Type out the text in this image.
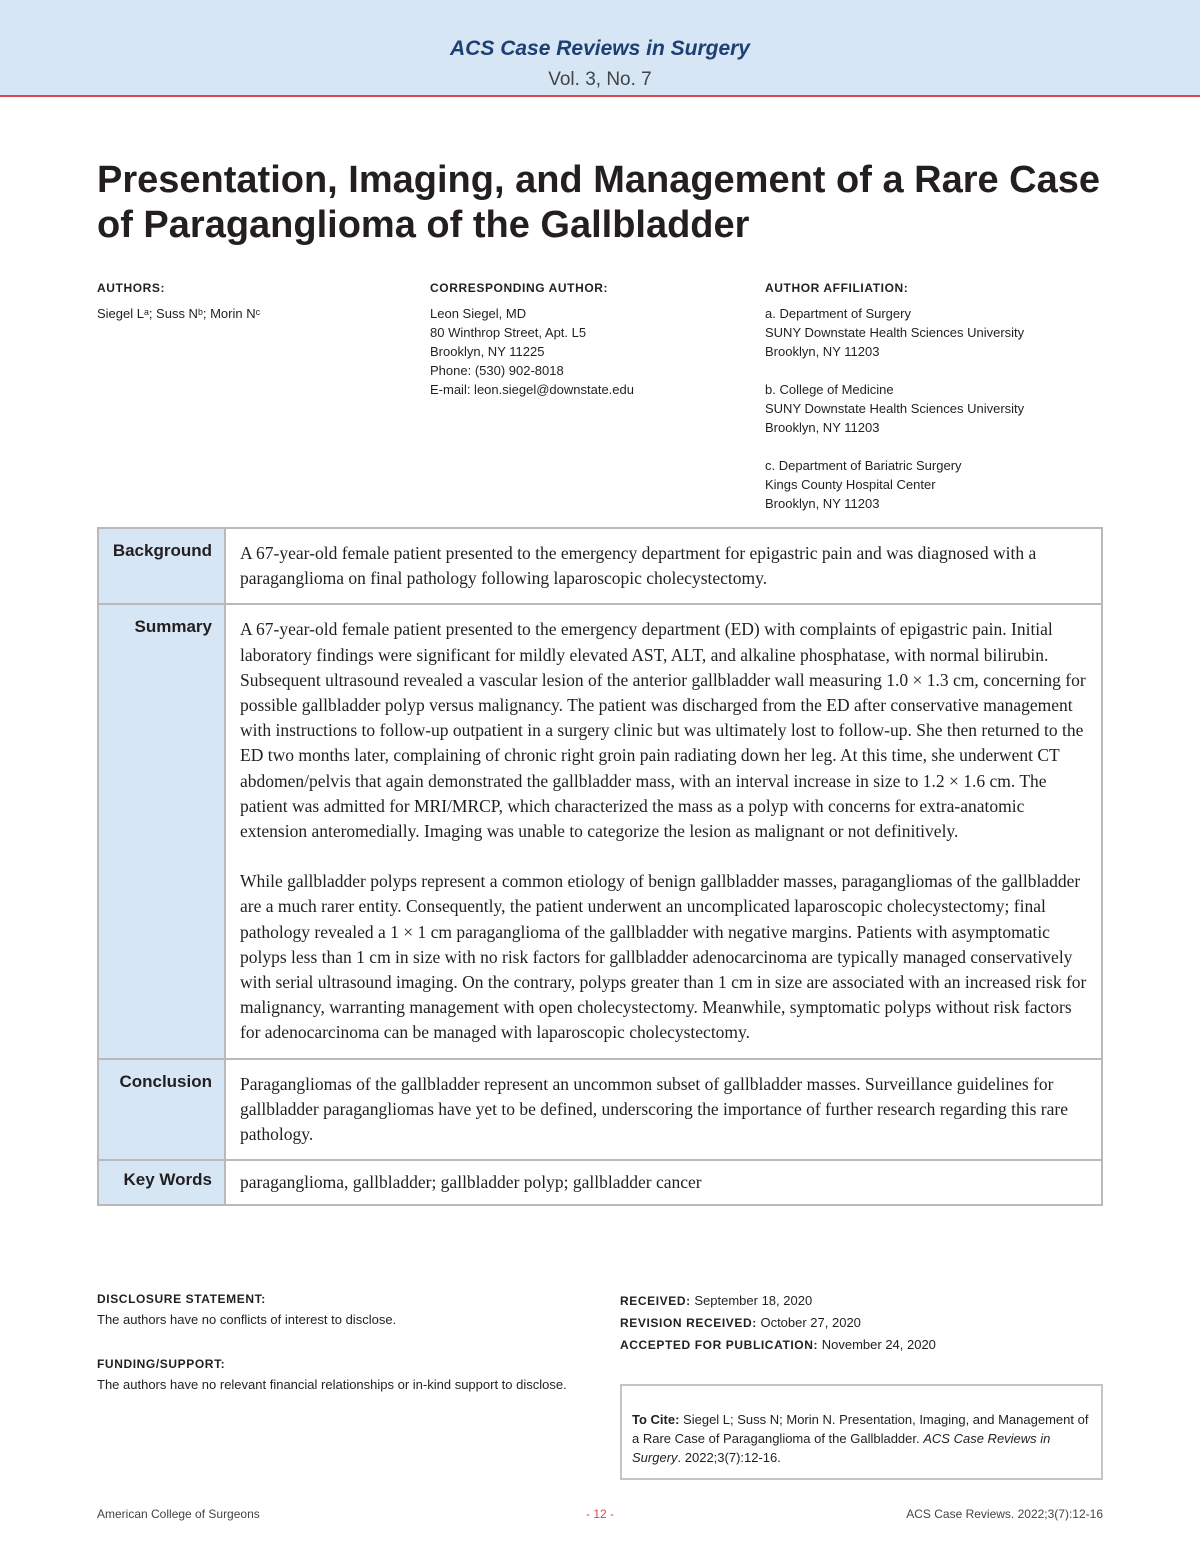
ACS Case Reviews in Surgery
Vol. 3, No. 7
Presentation, Imaging, and Management of a Rare Case of Paraganglioma of the Gallbladder
AUTHORS:
Siegel Lᵃ; Suss Nᵇ; Morin Nᶜ
CORRESPONDING AUTHOR:
Leon Siegel, MD
80 Winthrop Street, Apt. L5
Brooklyn, NY 11225
Phone: (530) 902-8018
E-mail: leon.siegel@downstate.edu
AUTHOR AFFILIATION:
a. Department of Surgery
SUNY Downstate Health Sciences University
Brooklyn, NY 11203
b. College of Medicine
SUNY Downstate Health Sciences University
Brooklyn, NY 11203
c. Department of Bariatric Surgery
Kings County Hospital Center
Brooklyn, NY 11203
Background	A 67-year-old female patient presented to the emergency department for epigastric pain and was diagnosed with a paraganglioma on final pathology following laparoscopic cholecystectomy.

Summary	A 67-year-old female patient presented to the emergency department (ED) with complaints of epigastric pain. Initial laboratory findings were significant for mildly elevated AST, ALT, and alkaline phosphatase, with normal bilirubin. Subsequent ultrasound revealed a vascular lesion of the anterior gallbladder wall measuring 1.0 × 1.3 cm, concerning for possible gallbladder polyp versus malignancy. The patient was discharged from the ED after conservative management with instructions to follow-up outpatient in a surgery clinic but was ultimately lost to follow-up. She then returned to the ED two months later, complaining of chronic right groin pain radiating down her leg. At this time, she underwent CT abdomen/pelvis that again demonstrated the gallbladder mass, with an interval increase in size to 1.2 × 1.6 cm. The patient was admitted for MRI/MRCP, which characterized the mass as a polyp with concerns for extra-anatomic extension anteromedially. Imaging was unable to categorize the lesion as malignant or not definitively.

While gallbladder polyps represent a common etiology of benign gallbladder masses, paragangliomas of the gallbladder are a much rarer entity. Consequently, the patient underwent an uncomplicated laparoscopic cholecystectomy; final pathology revealed a 1 × 1 cm paraganglioma of the gallbladder with negative margins. Patients with asymptomatic polyps less than 1 cm in size with no risk factors for gallbladder adenocarcinoma are typically managed conservatively with serial ultrasound imaging. On the contrary, polyps greater than 1 cm in size are associated with an increased risk for malignancy, warranting management with open cholecystectomy. Meanwhile, symptomatic polyps without risk factors for adenocarcinoma can be managed with laparoscopic cholecystectomy.

Conclusion	Paragangliomas of the gallbladder represent an uncommon subset of gallbladder masses. Surveillance guidelines for gallbladder paragangliomas have yet to be defined, underscoring the importance of further research regarding this rare pathology.

Key Words	paraganglioma, gallbladder; gallbladder polyp; gallbladder cancer

DISCLOSURE STATEMENT:
The authors have no conflicts of interest to disclose.
FUNDING/SUPPORT:
The authors have no relevant financial relationships or in-kind support to disclose.
RECEIVED: September 18, 2020
REVISION RECEIVED: October 27, 2020
ACCEPTED FOR PUBLICATION: November 24, 2020
To Cite: Siegel L; Suss N; Morin N. Presentation, Imaging, and Management of a Rare Case of Paraganglioma of the Gallbladder. ACS Case Reviews in Surgery. 2022;3(7):12-16.
American College of Surgeons	- 12 -	ACS Case Reviews. 2022;3(7):12-16
